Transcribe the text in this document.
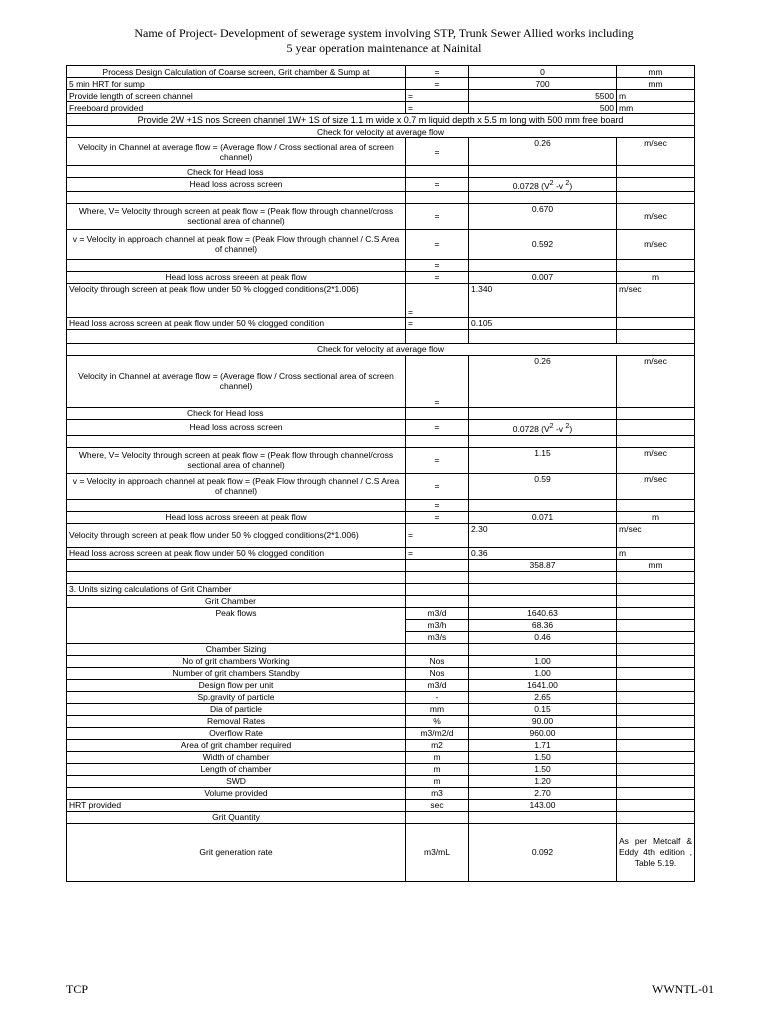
Name of Project- Development of sewerage system involving STP, Trunk Sewer Allied works including
5 year operation maintenance at Nainital
Process Design Calculation of Coarse screen, Grit chamber & Sump at	=	0	mm
5 min HRT for sump	=	700	mm
Provide length of screen channel	=	5500	m
Freeboard provided	=	500	mm
Provide 2W +1S nos Screen channel 1W+ 1S of size 1.1 m wide x 0.7 m liquid depth x 5.5 m long with 500 mm free board			
Check for velocity at average flow			
Velocity in Channel at average flow = (Average flow / Cross sectional area of screen channel)	=	0.26	m/sec
Check for Head loss			
Head loss across screen	=	0.0728 ($V^2$ -v $^2$)	

Where, V= Velocity through screen at peak flow = (Peak flow through channel/cross sectional area of channel)	=	0.670	m/sec
v = Velocity in approach channel at peak flow = (Peak Flow through channel / C.S Area of channel)	=	0.592	m/sec
	=		
Head loss across sreeen at peak flow	=	0.007	m
Velocity through screen at peak flow under 50 % clogged conditions(2*1.006)	=	1.340	m/sec
Head loss across screen at peak flow under 50 % clogged condition	=	0.105	

Check for velocity at average flow			
Velocity in Channel at average flow = (Average flow / Cross sectional area of screen channel)	=	0.26	m/sec
Check for Head loss			
Head loss across screen	=	0.0728 ($V^2$ -v $^2$)	

Where, V= Velocity through screen at peak flow = (Peak flow through channel/cross sectional area of channel)	=	1.15	m/sec
v = Velocity in approach channel at peak flow = (Peak Flow through channel / C.S Area of channel)	=	0.59	m/sec
	=		
Head loss across sreeen at peak flow	=	0.071	m
Velocity through screen at peak flow under 50 % clogged conditions(2*1.006)	=	2.30	m/sec
Head loss across screen at peak flow under 50 % clogged condition	=	0.36	m
		358.87	mm

3. Units sizing calculations of Grit Chamber			
Grit Chamber			
Peak flows	m3/d	1640.63	
	m3/h	68.36	
	m3/s	0.46	
Chamber Sizing			
No of grit chambers Working	Nos	1.00	
Number of grit chambers Standby	Nos	1.00	
Design flow per unit	m3/d	1641.00	
Sp.gravity of particle	-	2.65	
Dia of particle	mm	0.15	
Removal Rates	%	90.00	
Overflow Rate	m3/m2/d	960.00	
Area of grit chamber required	m2	1.71	
Width of chamber	m	1.50	
Length of chamber	m	1.50	
SWD	m	1.20	
Volume provided	m3	2.70	
HRT provided	sec	143.00	
Grit Quantity			
Grit generation rate	m3/mL	0.092	As per Metcalf & Eddy 4th edition , Table 5.19.
TCP	WWNTL-01
